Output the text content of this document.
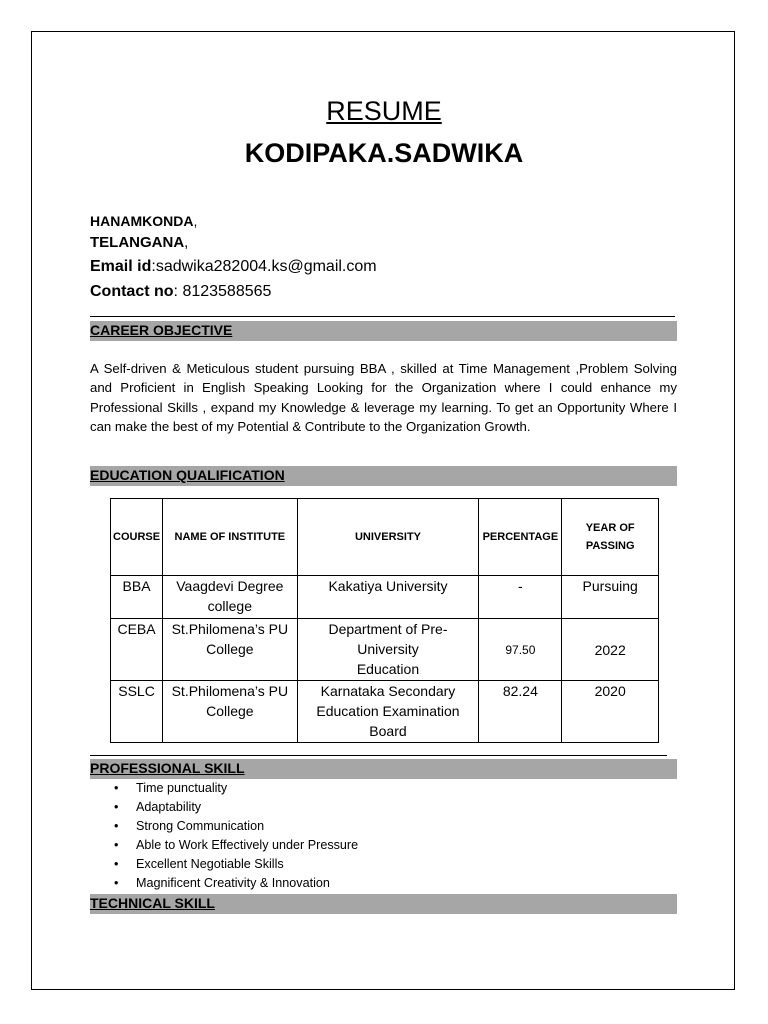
RESUME
KODIPAKA.SADWIKA
HANAMKONDA,
TELANGANA,
Email id:sadwika282004.ks@gmail.com
Contact no: 8123588565
CAREER OBJECTIVE
A Self-driven & Meticulous student pursuing BBA , skilled at Time Management ,Problem Solving and Proficient in English Speaking Looking for the Organization where I could enhance my Professional Skills , expand my Knowledge & leverage my learning. To get an Opportunity Where I can make the best of my Potential & Contribute to the Organization Growth.
EDUCATION QUALIFICATION
COURSE	NAME OF INSTITUTE	UNIVERSITY	PERCENTAGE	YEAR OF PASSING

BBA	Vaagdevi Degree college	Kakatiya University	-	Pursuing
CEBA	St.Philomena’s PU College	Department of Pre-University Education	97.50	2022
SSLC	St.Philomena’s PU College	Karnataka Secondary Education Examination Board	82.24	2020
PROFESSIONAL SKILL
• Time punctuality
• Adaptability
• Strong Communication
• Able to Work Effectively under Pressure
• Excellent Negotiable Skills
• Magnificent Creativity & Innovation
TECHNICAL SKILL
